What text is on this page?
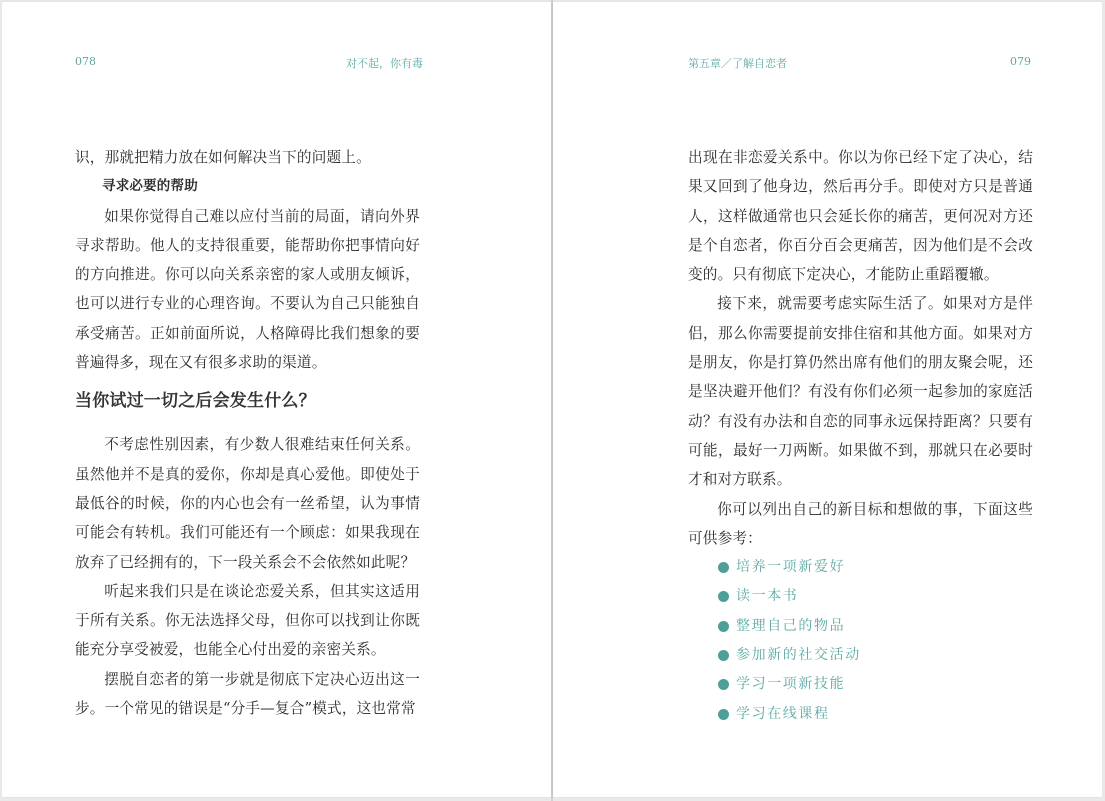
078	对不起，你有毒

识，那就把精力放在如何解决当下的问题上。

寻求必要的帮助

如果你觉得自己难以应付当前的局面，请向外界寻求帮助。他人的支持很重要，能帮助你把事情向好的方向推进。你可以向关系亲密的家人或朋友倾诉，也可以进行专业的心理咨询。不要认为自己只能独自承受痛苦。正如前面所说，人格障碍比我们想象的要普遍得多，现在又有很多求助的渠道。

当你试过一切之后会发生什么？

不考虑性别因素，有少数人很难结束任何关系。虽然他并不是真的爱你，你却是真心爱他。即使处于最低谷的时候，你的内心也会有一丝希望，认为事情可能会有转机。我们可能还有一个顾虑：如果我现在放弃了已经拥有的，下一段关系会不会依然如此呢？

听起来我们只是在谈论恋爱关系，但其实这适用于所有关系。你无法选择父母，但你可以找到让你既能充分享受被爱，也能全心付出爱的亲密关系。

摆脱自恋者的第一步就是彻底下定决心迈出这一步。一个常见的错误是“分手—复合”模式，这也常常

第五章／了解自恋者	079

出现在非恋爱关系中。你以为你已经下定了决心，结果又回到了他身边，然后再分手。即使对方只是普通人，这样做通常也只会延长你的痛苦，更何况对方还是个自恋者，你百分百会更痛苦，因为他们是不会改变的。只有彻底下定决心，才能防止重蹈覆辙。

接下来，就需要考虑实际生活了。如果对方是伴侣，那么你需要提前安排住宿和其他方面。如果对方是朋友，你是打算仍然出席有他们的朋友聚会呢，还是坚决避开他们？有没有你们必须一起参加的家庭活动？有没有办法和自恋的同事永远保持距离？只要有可能，最好一刀两断。如果做不到，那就只在必要时才和对方联系。

你可以列出自己的新目标和想做的事，下面这些可供参考：

培养一项新爱好
读一本书
整理自己的物品
参加新的社交活动
学习一项新技能
学习在线课程
